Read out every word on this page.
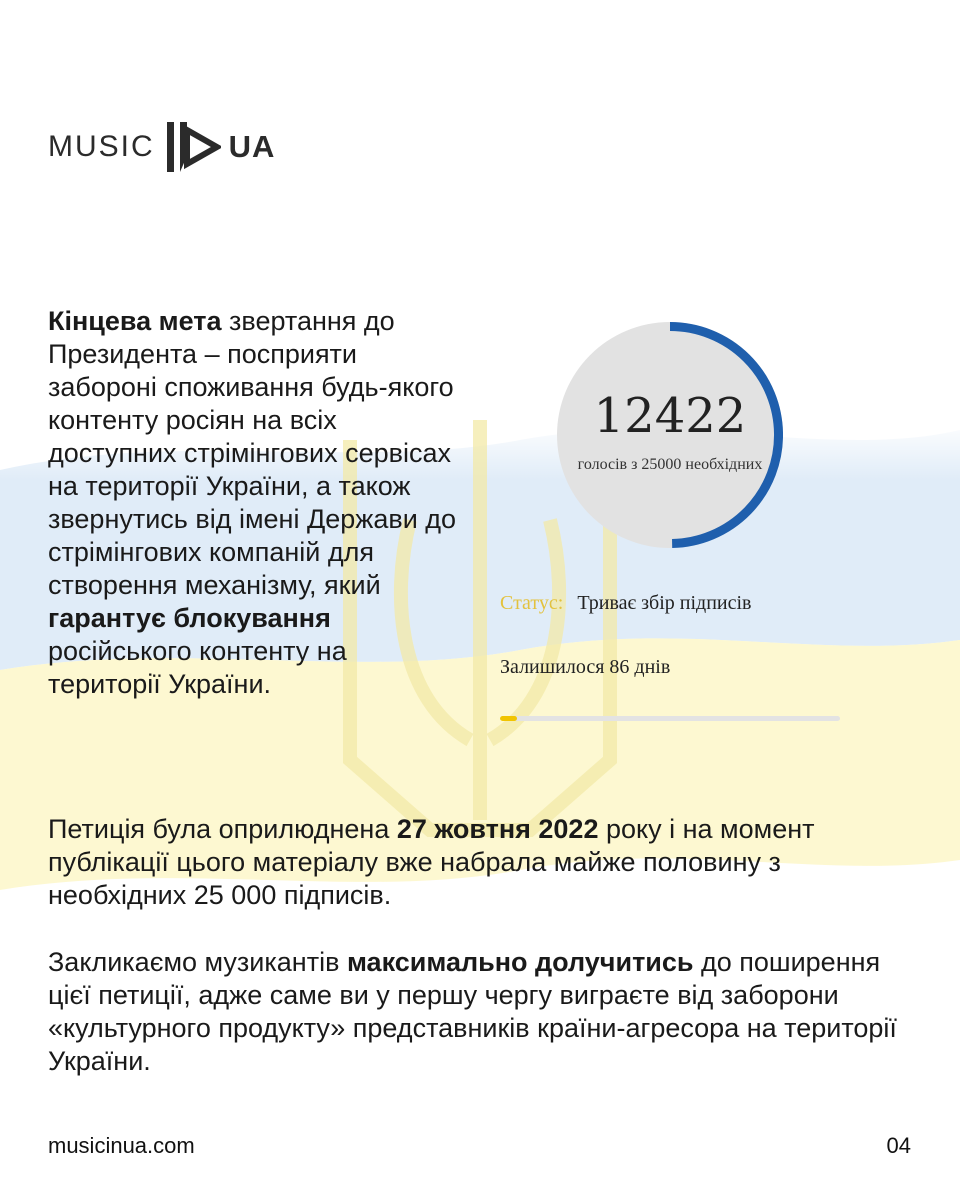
MUSIC UA
Кінцева мета звертання до Президента – посприяти забороні споживання будь-якого контенту росіян на всіх доступних стрімінгових сервісах на території України, а також звернутись від імені Держави до стрімінгових компаній для створення механізму, який гарантує блокування російського контенту на території України.
12422
голосів з 25000 необхідних
Статус: Триває збір підписів
Залишилося 86 днів
Петиція була оприлюднена 27 жовтня 2022 року і на момент публікації цього матеріалу вже набрала майже половину з необхідних 25 000 підписів.
Закликаємо музикантів максимально долучитись до поширення цієї петиції, адже саме ви у першу чергу виграєте від заборони «культурного продукту» представників країни-агресора на території України.
musicinua.com	04
